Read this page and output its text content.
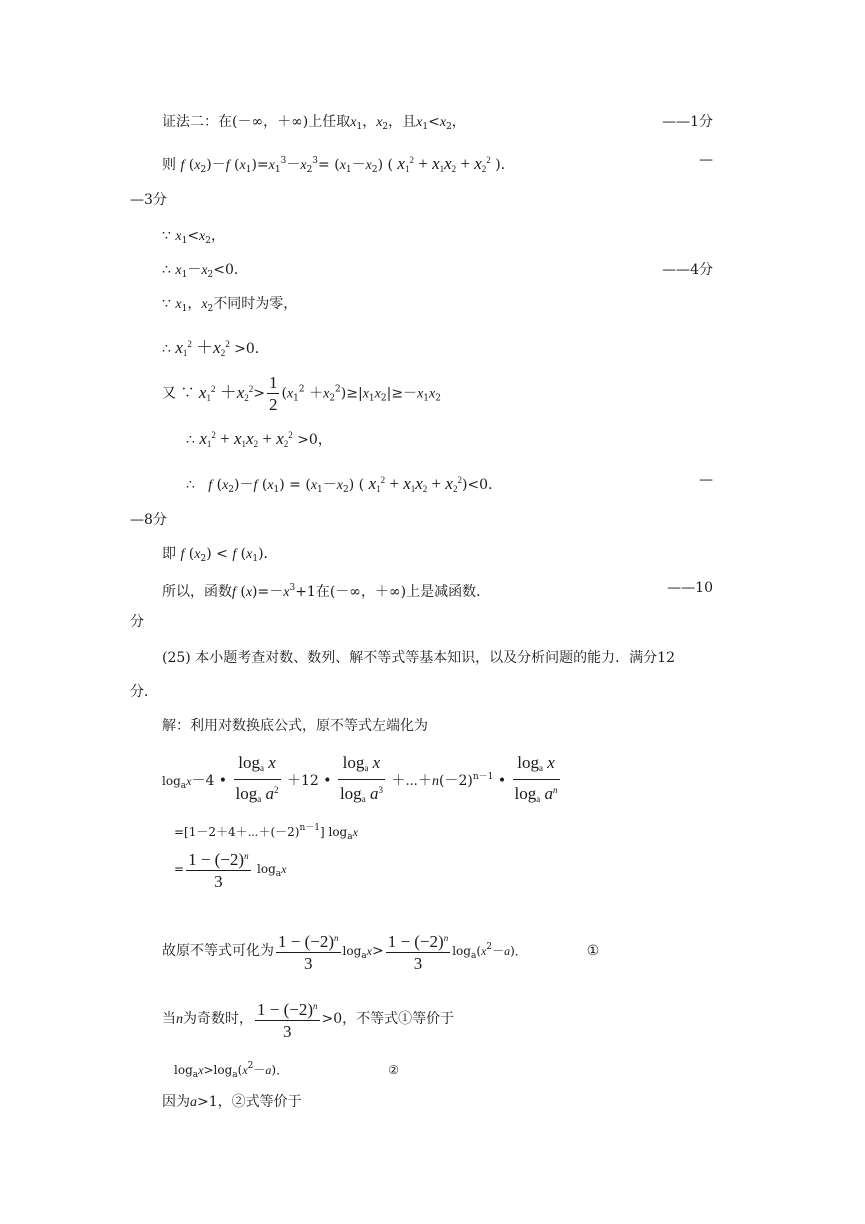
证法二：在(－∞，＋∞)上任取$x_1$，$x_2$，且$x_1<x_2$，	——1分
则 f $(x_2)-f$ $(x_1)=x_1^3-x_2^3= (x_1-x_2)$ ( $x_1^2 + x_1x_2 + x_2^2$ )．	—
—3分
∵ $x_1<x_2$，
∴ $x_1-x_2<0$．	——4分
∵ $x_1$，$x_2$不同时为零，
∴ $x_1^2 +x_2^2 >0$．
又 ∵ $x_1^2 +x_2^2> \frac{1}{2} (x_1^2 +x_2^2)\ge|x_1x_2|\ge-x_1x_2$
∴ $x_1^2 + x_1x_2 + x_2^2 >0$，
∴   f $(x_2)-f$ $(x_1) = (x_1-x_2)$ ( $x_1^2 + x_1x_2 + x_2^2)<0$．	—
—8分
即 f $(x_2) < f$ $(x_1)$．
所以，函数f $(x)=-x^3+1$在(－∞，＋∞)上是减函数．	——10
分
(25) 本小题考查对数、数列、解不等式等基本知识，以及分析问题的能力．满分12
分．
解：利用对数换底公式，原不等式左端化为
$\log_ax-4$ • $\frac{\log_a x}{\log_a a^2} +12$ • $\frac{\log_a x}{\log_a a^3}$ $+\cdots+n(-2)^{n-1}$ • $\frac{\log_a x}{\log_a a^n}$
$=[1-2+4+\cdots+(-2)^{n-1}]$ $\log_ax$
= $\frac{1 - (-2)^n}{3} \log_ax$
故原不等式可化为 $\frac{1 - (-2)^n}{3} \log_ax> \frac{1 - (-2)^n}{3} \log_a(x^2-a)$．	①
当n为奇数时， $\frac{1 - (-2)^n}{3} >0$，不等式①等价于
$\log_ax>\log_a(x^2-a)$．	②
因为a>1，②式等价于
